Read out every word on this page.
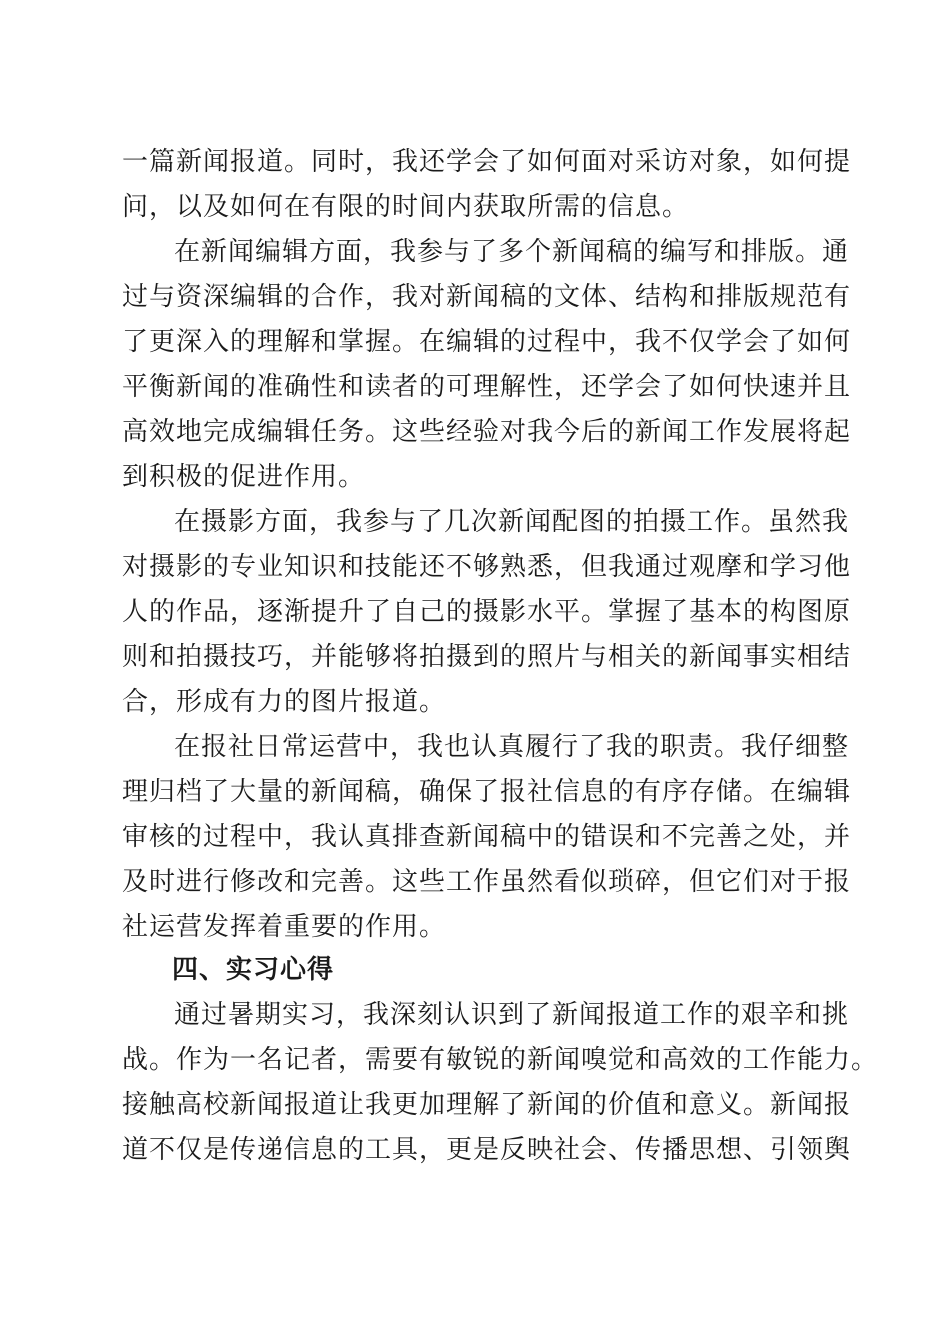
一篇新闻报道。同时，我还学会了如何面对采访对象，如何提
问，以及如何在有限的时间内获取所需的信息。
在新闻编辑方面，我参与了多个新闻稿的编写和排版。通
过与资深编辑的合作，我对新闻稿的文体、结构和排版规范有
了更深入的理解和掌握。在编辑的过程中，我不仅学会了如何
平衡新闻的准确性和读者的可理解性，还学会了如何快速并且
高效地完成编辑任务。这些经验对我今后的新闻工作发展将起
到积极的促进作用。
在摄影方面，我参与了几次新闻配图的拍摄工作。虽然我
对摄影的专业知识和技能还不够熟悉，但我通过观摩和学习他
人的作品，逐渐提升了自己的摄影水平。掌握了基本的构图原
则和拍摄技巧，并能够将拍摄到的照片与相关的新闻事实相结
合，形成有力的图片报道。
在报社日常运营中，我也认真履行了我的职责。我仔细整
理归档了大量的新闻稿，确保了报社信息的有序存储。在编辑
审核的过程中，我认真排查新闻稿中的错误和不完善之处，并
及时进行修改和完善。这些工作虽然看似琐碎，但它们对于报
社运营发挥着重要的作用。
四、实习心得
通过暑期实习，我深刻认识到了新闻报道工作的艰辛和挑
战。作为一名记者，需要有敏锐的新闻嗅觉和高效的工作能力。
接触高校新闻报道让我更加理解了新闻的价值和意义。新闻报
道不仅是传递信息的工具，更是反映社会、传播思想、引领舆
